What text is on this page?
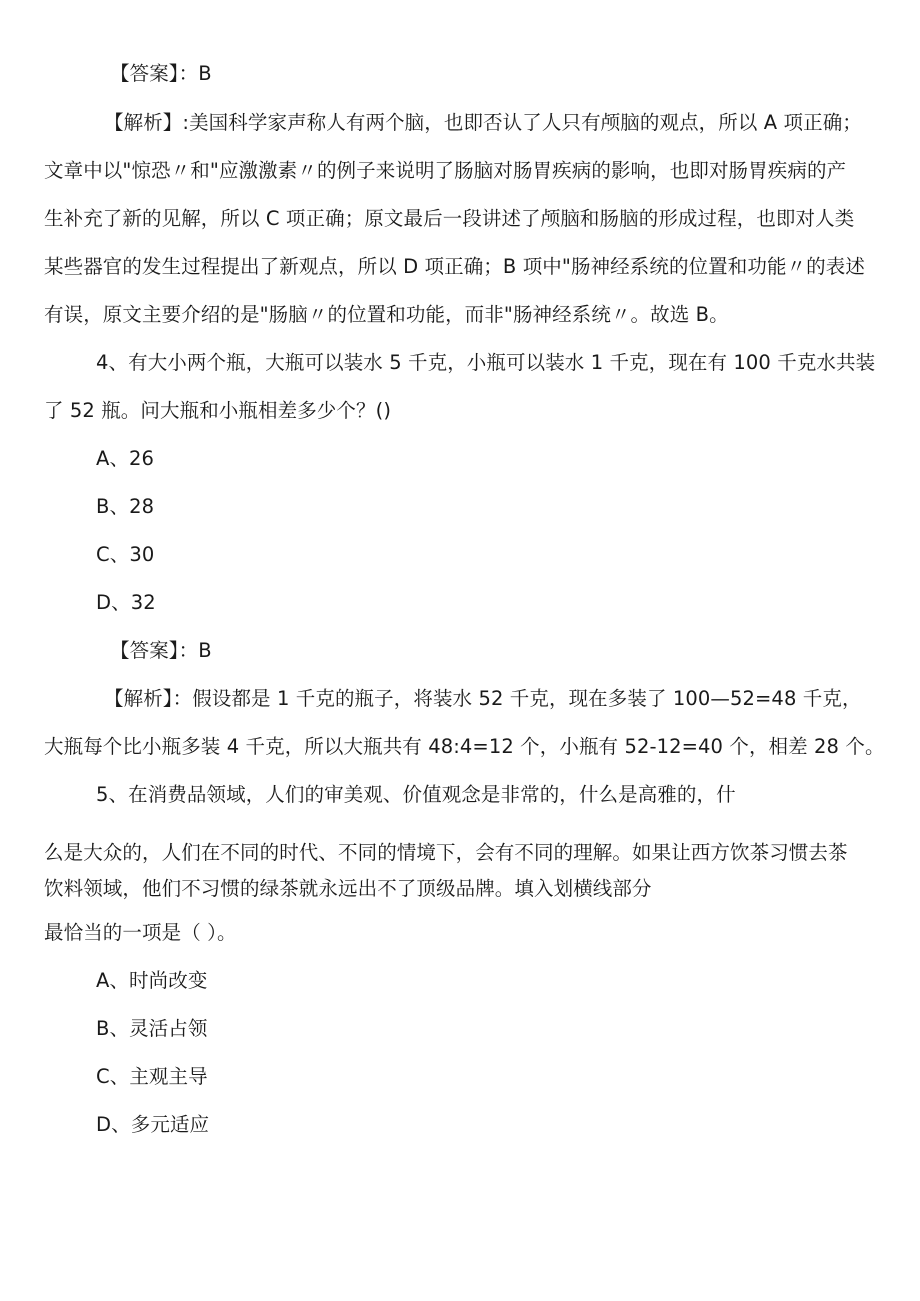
【答案】：B
【解析】:美国科学家声称人有两个脑，也即否认了人只有颅脑的观点，所以 A 项正确；
文章中以"惊恐〃和"应激激素〃的例子来说明了肠脑对肠胃疾病的影响，也即对肠胃疾病的产
生补充了新的见解，所以 C 项正确；原文最后一段讲述了颅脑和肠脑的形成过程，也即对人类
某些器官的发生过程提出了新观点，所以 D 项正确；B 项中"肠神经系统的位置和功能〃的表述
有误，原文主要介绍的是"肠脑〃的位置和功能，而非"肠神经系统〃。故选 B。
4、有大小两个瓶，大瓶可以装水 5 千克，小瓶可以装水 1 千克，现在有 100 千克水共装
了 52 瓶。问大瓶和小瓶相差多少个？()
A、26
B、28
C、30
D、32
【答案】：B
【解析】：假设都是 1 千克的瓶子，将装水 52 千克，现在多装了 100—52=48 千克，
大瓶每个比小瓶多装 4 千克，所以大瓶共有 48:4=12 个，小瓶有 52-12=40 个，相差 28 个。
5、在消费品领域，人们的审美观、价值观念是非常的，什么是高雅的，什
么是大众的，人们在不同的时代、不同的情境下，会有不同的理解。如果让西方饮茶习惯去茶
饮料领域，他们不习惯的绿茶就永远出不了顶级品牌。填入划横线部分
最恰当的一项是（ ）。
A、时尚改变
B、灵活占领
C、主观主导
D、多元适应
